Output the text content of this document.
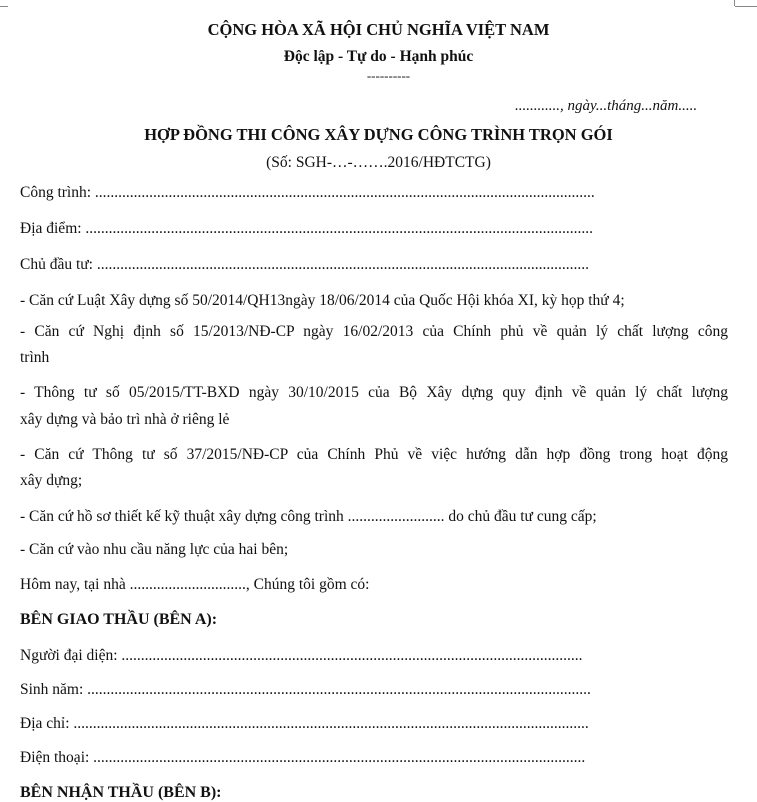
CỘNG HÒA XÃ HỘI CHỦ NGHĨA VIỆT NAM
Độc lập - Tự do - Hạnh phúc
----------
............, ngày...tháng...năm.....
HỢP ĐỒNG THI CÔNG XÂY DỰNG CÔNG TRÌNH TRỌN GÓI
(Số: SGH-…-…….2016/HĐTCTG)
Công trình: .................................................................................................................................
Địa điểm: ...................................................................................................................................
Chủ đầu tư: ...............................................................................................................................
- Căn cứ Luật Xây dựng số 50/2014/QH13ngày 18/06/2014 của Quốc Hội khóa XI, kỳ họp thứ 4;
- Căn cứ Nghị định số 15/2013/NĐ-CP ngày 16/02/2013 của Chính phủ về quản lý chất lượng công
trình
- Thông tư số 05/2015/TT-BXD ngày 30/10/2015 của Bộ Xây dựng quy định về quản lý chất lượng
xây dựng và bảo trì nhà ở riêng lẻ
- Căn cứ Thông tư số 37/2015/NĐ-CP của Chính Phủ về việc hướng dẫn hợp đồng trong hoạt động
xây dựng;
- Căn cứ hồ sơ thiết kế kỹ thuật xây dựng công trình ......................... do chủ đầu tư cung cấp;
- Căn cứ vào nhu cầu năng lực của hai bên;
Hôm nay, tại nhà .............................., Chúng tôi gồm có:
BÊN GIAO THẦU (BÊN A):
Người đại diện: .......................................................................................................................
Sinh năm: ..................................................................................................................................
Địa chỉ: .....................................................................................................................................
Điện thoại: ...............................................................................................................................
BÊN NHẬN THẦU (BÊN B):
